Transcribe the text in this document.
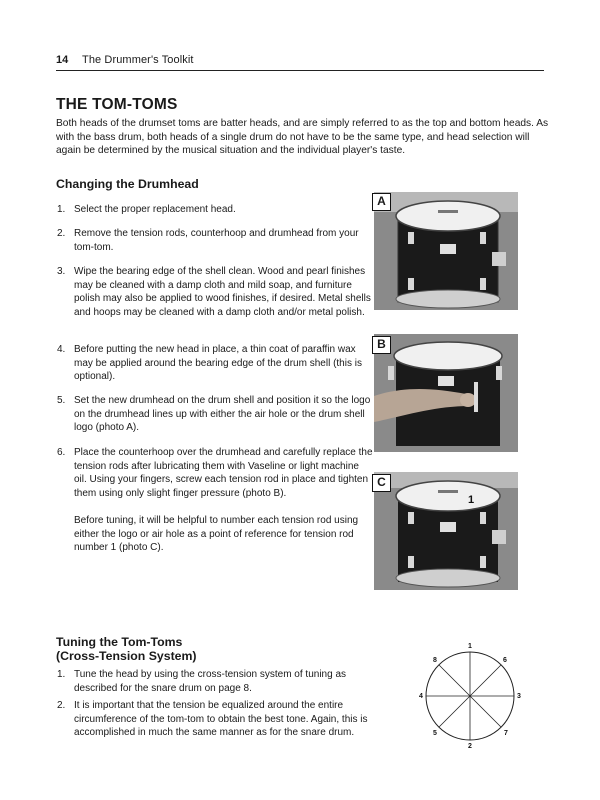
14 The Drummer's Toolkit
THE TOM-TOMS
Both heads of the drumset toms are batter heads, and are simply referred to as the top and bottom heads. As with the bass drum, both heads of a single drum do not have to be the same type, and head selection will again be determined by the musical situation and the individual player's taste.
Changing the Drumhead
1. Select the proper replacement head.
2. Remove the tension rods, counterhoop and drumhead from your tom-tom.
3. Wipe the bearing edge of the shell clean. Wood and pearl finishes may be cleaned with a damp cloth and mild soap, and furniture polish may also be applied to wood finishes, if desired. Metal shells and hoops may be cleaned with a damp cloth and/or metal polish.
4. Before putting the new head in place, a thin coat of paraffin wax may be applied around the bearing edge of the drum shell (this is optional).
5. Set the new drumhead on the drum shell and position it so the logo on the drumhead lines up with either the air hole or the drum shell logo (photo A).
6. Place the counterhoop over the drumhead and carefully replace the tension rods after lubricating them with Vaseline or light machine oil. Using your fingers, screw each tension rod in place and tighten them using only slight finger pressure (photo B).
Before tuning, it will be helpful to number each tension rod using either the logo or air hole as a point of reference for tension rod number 1 (photo C).
A
B
C
1
Tuning the Tom-Toms
(Cross-Tension System)
1. Tune the head by using the cross-tension system of tuning as described for the snare drum on page 8.
2. It is important that the tension be equalized around the entire circumference of the tom-tom to obtain the best tone. Again, this is accomplished in much the same manner as for the snare drum.
1
6
3
7
2
5
4
8
